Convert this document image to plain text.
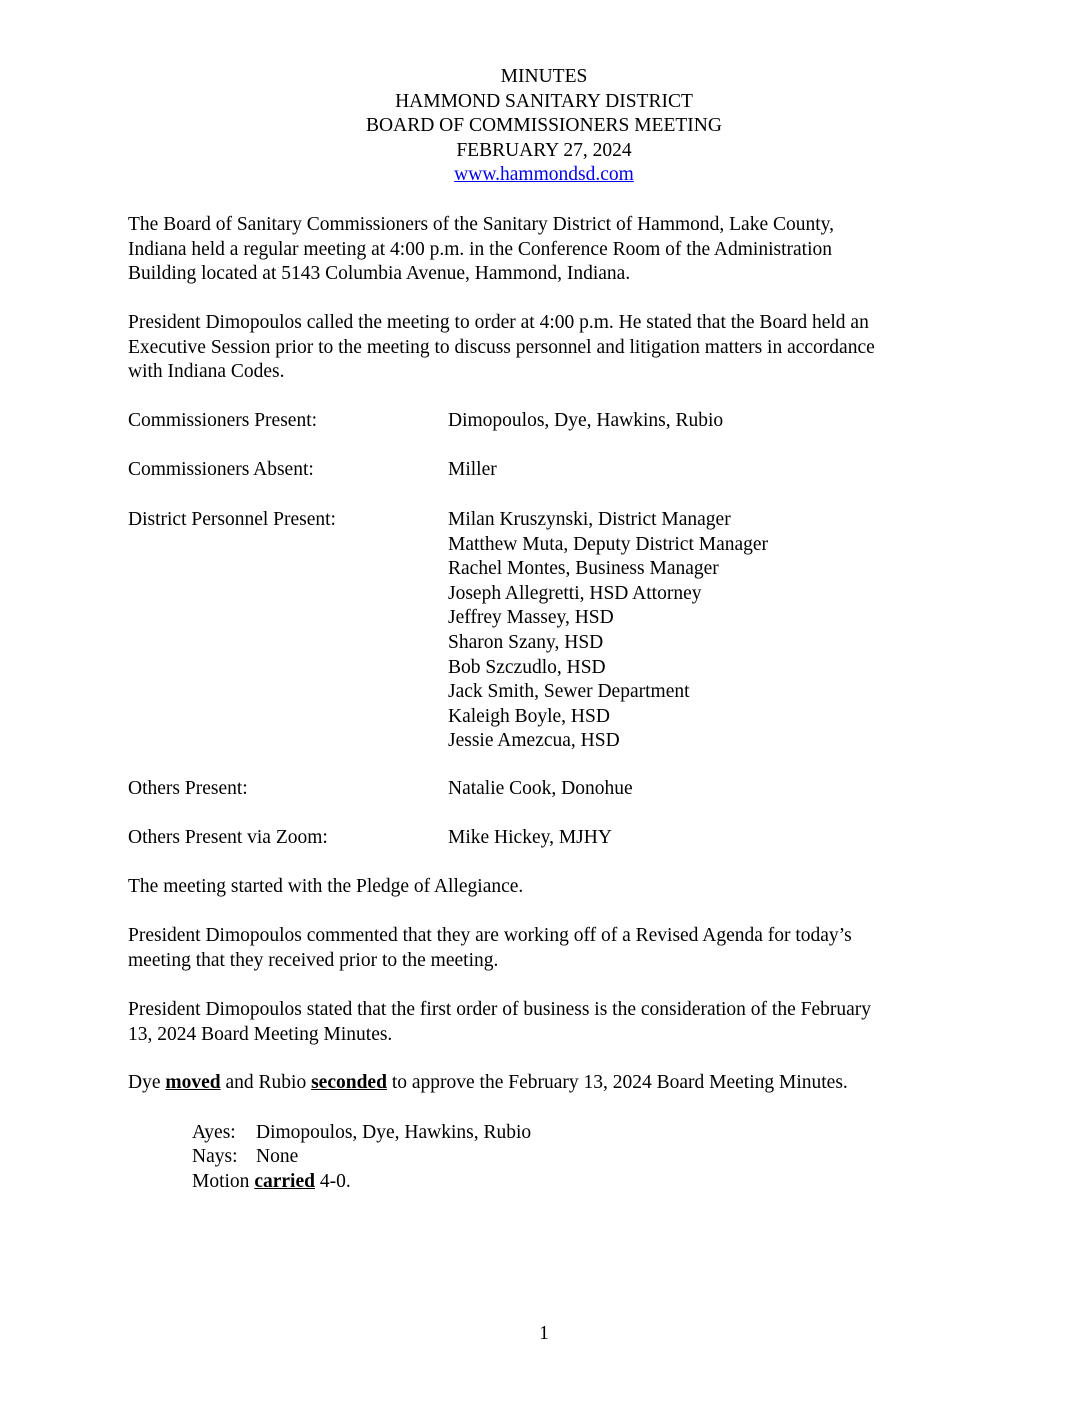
MINUTES
HAMMOND SANITARY DISTRICT
BOARD OF COMMISSIONERS MEETING
FEBRUARY 27, 2024
www.hammondsd.com

The Board of Sanitary Commissioners of the Sanitary District of Hammond, Lake County,

Indiana held a regular meeting at 4:00 p.m. in the Conference Room of the Administration

Building located at 5143 Columbia Avenue, Hammond, Indiana.

President Dimopoulos called the meeting to order at 4:00 p.m. He stated that the Board held an

Executive Session prior to the meeting to discuss personnel and litigation matters in accordance

with Indiana Codes.

Commissioners Present:	Dimopoulos, Dye, Hawkins, Rubio
Commissioners Absent:	Miller
District Personnel Present:	Milan Kruszynski, District Manager
Matthew Muta, Deputy District Manager
Rachel Montes, Business Manager
Joseph Allegretti, HSD Attorney
Jeffrey Massey, HSD
Sharon Szany, HSD
Bob Szczudlo, HSD
Jack Smith, Sewer Department
Kaleigh Boyle, HSD
Jessie Amezcua, HSD
Others Present:	Natalie Cook, Donohue
Others Present via Zoom:	Mike Hickey, MJHY

The meeting started with the Pledge of Allegiance.

President Dimopoulos commented that they are working off of a Revised Agenda for today’s

meeting that they received prior to the meeting.

President Dimopoulos stated that the first order of business is the consideration of the February

13, 2024 Board Meeting Minutes.

Dye moved and Rubio seconded to approve the February 13, 2024 Board Meeting Minutes.

Ayes: Dimopoulos, Dye, Hawkins, Rubio
Nays: None
Motion carried 4-0.
1
